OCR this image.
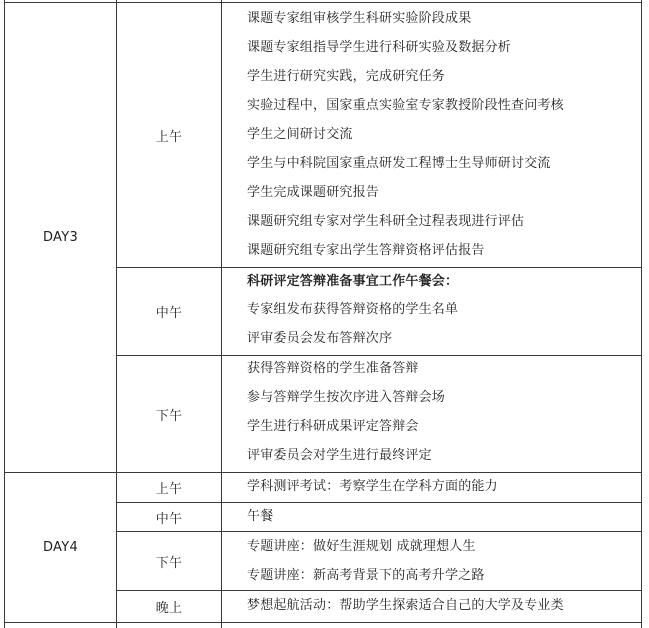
DAY3
DAY4
上午
中午
下午
上午
中午
下午
晚上
课题专家组审核学生科研实验阶段成果
课题专家组指导学生进行科研实验及数据分析
学生进行研究实践，完成研究任务
实验过程中，国家重点实验室专家教授阶段性查问考核
学生之间研讨交流
学生与中科院国家重点研发工程博士生导师研讨交流
学生完成课题研究报告
课题研究组专家对学生科研全过程表现进行评估
课题研究组专家出学生答辩资格评估报告
科研评定答辩准备事宜工作午餐会：
专家组发布获得答辩资格的学生名单
评审委员会发布答辩次序
获得答辩资格的学生准备答辩
参与答辩学生按次序进入答辩会场
学生进行科研成果评定答辩会
评审委员会对学生进行最终评定
学科测评考试：考察学生在学科方面的能力
午餐
专题讲座：做好生涯规划 成就理想人生
专题讲座：新高考背景下的高考升学之路
梦想起航活动：帮助学生探索适合自己的大学及专业类
